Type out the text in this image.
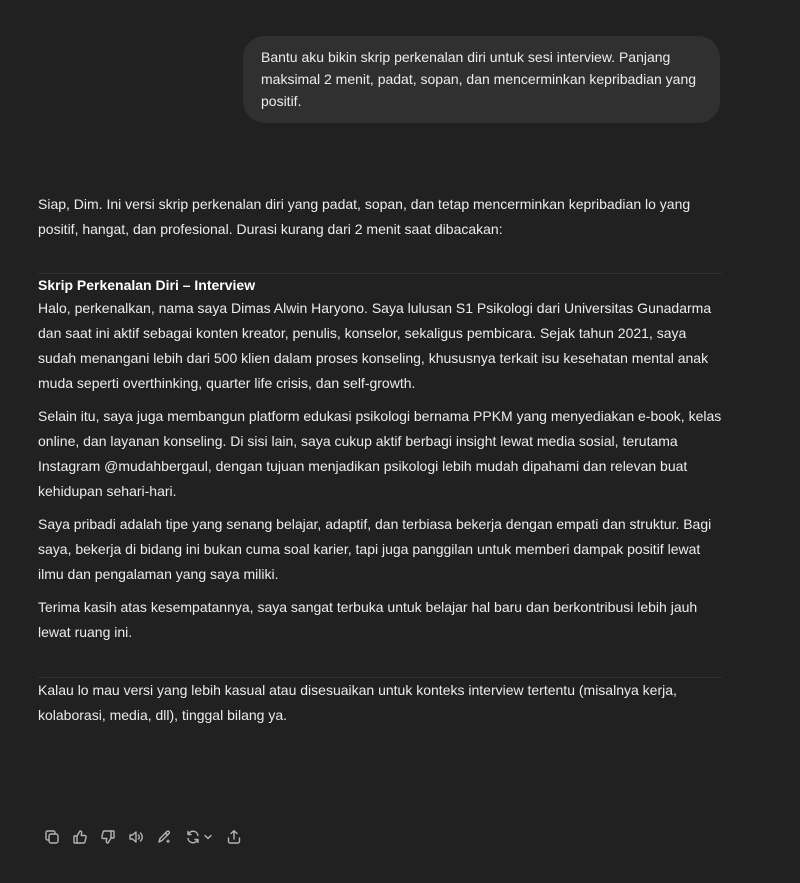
Bantu aku bikin skrip perkenalan diri untuk sesi interview. Panjang maksimal 2 menit, padat, sopan, dan mencerminkan kepribadian yang positif.

Siap, Dim. Ini versi skrip perkenalan diri yang padat, sopan, dan tetap mencerminkan kepribadian lo yang positif, hangat, dan profesional. Durasi kurang dari 2 menit saat dibacakan:

Skrip Perkenalan Diri – Interview

Halo, perkenalkan, nama saya Dimas Alwin Haryono. Saya lulusan S1 Psikologi dari Universitas Gunadarma dan saat ini aktif sebagai konten kreator, penulis, konselor, sekaligus pembicara. Sejak tahun 2021, saya sudah menangani lebih dari 500 klien dalam proses konseling, khususnya terkait isu kesehatan mental anak muda seperti overthinking, quarter life crisis, dan self-growth.

Selain itu, saya juga membangun platform edukasi psikologi bernama PPKM yang menyediakan e-book, kelas online, dan layanan konseling. Di sisi lain, saya cukup aktif berbagi insight lewat media sosial, terutama Instagram @mudahbergaul, dengan tujuan menjadikan psikologi lebih mudah dipahami dan relevan buat kehidupan sehari-hari.

Saya pribadi adalah tipe yang senang belajar, adaptif, dan terbiasa bekerja dengan empati dan struktur. Bagi saya, bekerja di bidang ini bukan cuma soal karier, tapi juga panggilan untuk memberi dampak positif lewat ilmu dan pengalaman yang saya miliki.

Terima kasih atas kesempatannya, saya sangat terbuka untuk belajar hal baru dan berkontribusi lebih jauh lewat ruang ini.

Kalau lo mau versi yang lebih kasual atau disesuaikan untuk konteks interview tertentu (misalnya kerja, kolaborasi, media, dll), tinggal bilang ya.
